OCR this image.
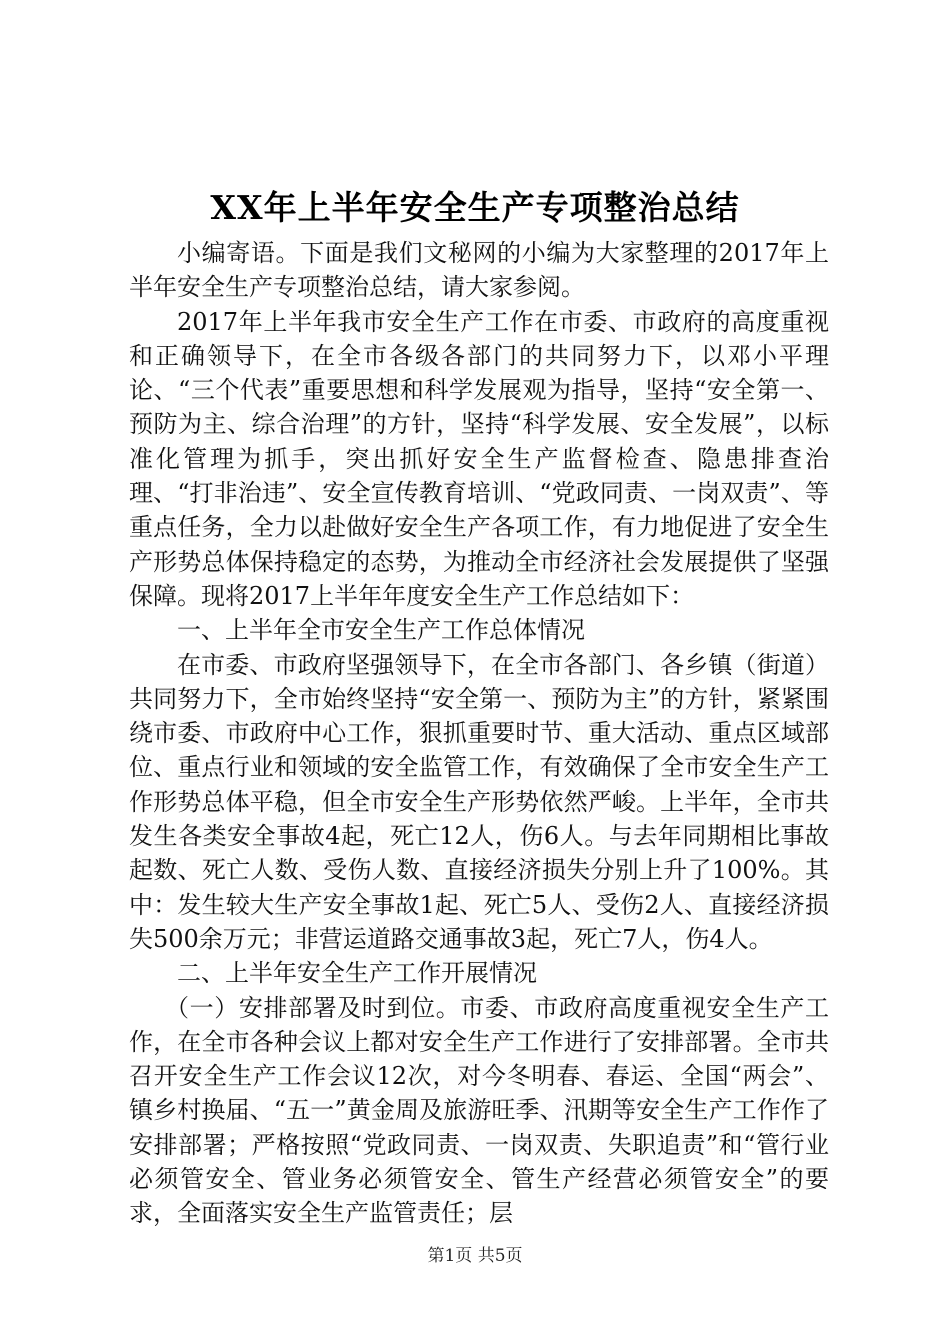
XX年上半年安全生产专项整治总结

小编寄语。下面是我们文秘网的小编为大家整理的2017年上半年安全生产专项整治总结，请大家参阅。

2017年上半年我市安全生产工作在市委、市政府的高度重视和正确领导下，在全市各级各部门的共同努力下，以邓小平理论、“三个代表”重要思想和科学发展观为指导，坚持“安全第一、预防为主、综合治理”的方针，坚持“科学发展、安全发展”，以标准化管理为抓手，突出抓好安全生产监督检查、隐患排查治理、“打非治违”、安全宣传教育培训、“党政同责、一岗双责”、等重点任务，全力以赴做好安全生产各项工作，有力地促进了安全生产形势总体保持稳定的态势，为推动全市经济社会发展提供了坚强保障。现将2017上半年年度安全生产工作总结如下：

一、上半年全市安全生产工作总体情况

在市委、市政府坚强领导下，在全市各部门、各乡镇（街道）共同努力下，全市始终坚持“安全第一、预防为主”的方针，紧紧围绕市委、市政府中心工作，狠抓重要时节、重大活动、重点区域部位、重点行业和领域的安全监管工作，有效确保了全市安全生产工作形势总体平稳，但全市安全生产形势依然严峻。上半年，全市共发生各类安全事故4起，死亡12人，伤6人。与去年同期相比事故起数、死亡人数、受伤人数、直接经济损失分别上升了100%。其中：发生较大生产安全事故1起、死亡5人、受伤2人、直接经济损失500余万元；非营运道路交通事故3起，死亡7人，伤4人。

二、上半年安全生产工作开展情况

（一）安排部署及时到位。市委、市政府高度重视安全生产工作，在全市各种会议上都对安全生产工作进行了安排部署。全市共召开安全生产工作会议12次，对今冬明春、春运、全国“两会”、镇乡村换届、“五一”黄金周及旅游旺季、汛期等安全生产工作作了安排部署；严格按照“党政同责、一岗双责、失职追责”和“管行业必须管安全、管业务必须管安全、管生产经营必须管安全”的要求，全面落实安全生产监管责任；层

第1页 共5页
